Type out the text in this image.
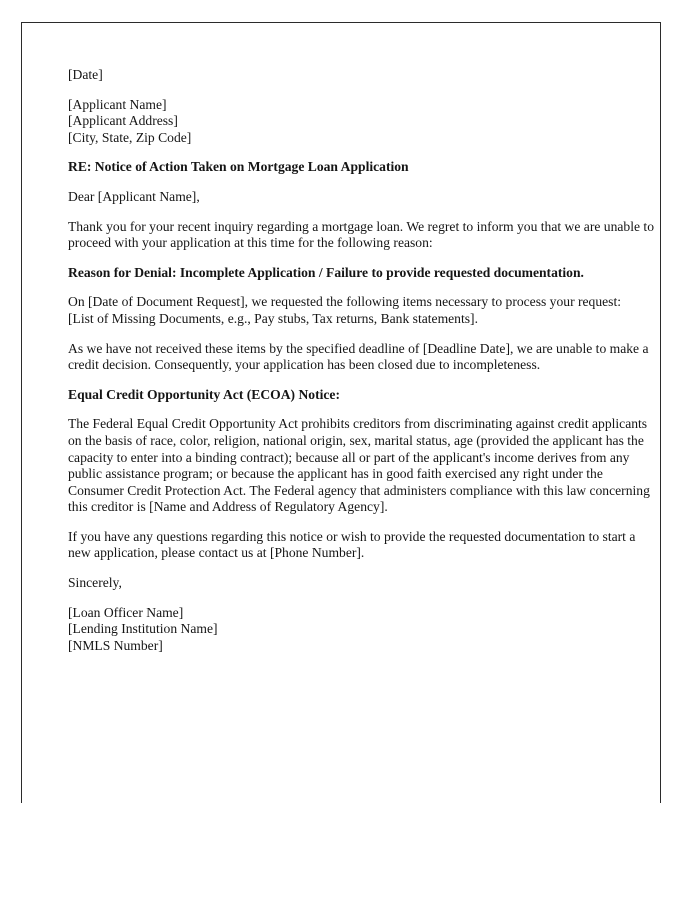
[Date]

[Applicant Name]
[Applicant Address]
[City, State, Zip Code]

RE: Notice of Action Taken on Mortgage Loan Application

Dear [Applicant Name],

Thank you for your recent inquiry regarding a mortgage loan. We regret to inform you that we are unable to proceed with your application at this time for the following reason:

Reason for Denial: Incomplete Application / Failure to provide requested documentation.

On [Date of Document Request], we requested the following items necessary to process your request:
[List of Missing Documents, e.g., Pay stubs, Tax returns, Bank statements].

As we have not received these items by the specified deadline of [Deadline Date], we are unable to make a credit decision. Consequently, your application has been closed due to incompleteness.

Equal Credit Opportunity Act (ECOA) Notice:

The Federal Equal Credit Opportunity Act prohibits creditors from discriminating against credit applicants on the basis of race, color, religion, national origin, sex, marital status, age (provided the applicant has the capacity to enter into a binding contract); because all or part of the applicant's income derives from any public assistance program; or because the applicant has in good faith exercised any right under the Consumer Credit Protection Act. The Federal agency that administers compliance with this law concerning this creditor is [Name and Address of Regulatory Agency].

If you have any questions regarding this notice or wish to provide the requested documentation to start a new application, please contact us at [Phone Number].

Sincerely,

[Loan Officer Name]
[Lending Institution Name]
[NMLS Number]
